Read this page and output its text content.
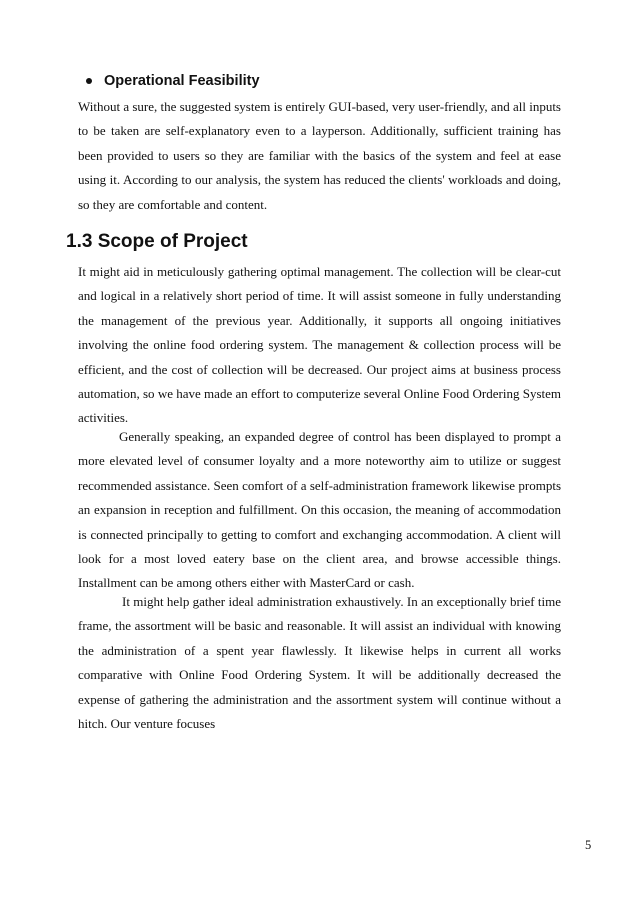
Operational Feasibility

Without a sure, the suggested system is entirely GUI-based, very user-friendly, and all inputs to be taken are self-explanatory even to a layperson. Additionally, sufficient training has been provided to users so they are familiar with the basics of the system and feel at ease using it. According to our analysis, the system has reduced the clients' workloads and doing, so they are comfortable and content.

1.3 Scope of Project

It might aid in meticulously gathering optimal management. The collection will be clear-cut and logical in a relatively short period of time. It will assist someone in fully understanding the management of the previous year. Additionally, it supports all ongoing initiatives involving the online food ordering system. The management & collection process will be efficient, and the cost of collection will be decreased. Our project aims at business process automation, so we have made an effort to computerize several Online Food Ordering System activities.

Generally speaking, an expanded degree of control has been displayed to prompt a more elevated level of consumer loyalty and a more noteworthy aim to utilize or suggest recommended assistance. Seen comfort of a self-administration framework likewise prompts an expansion in reception and fulfillment. On this occasion, the meaning of accommodation is connected principally to getting to comfort and exchanging accommodation. A client will look for a most loved eatery base on the client area, and browse accessible things. Installment can be among others either with MasterCard or cash.

It might help gather ideal administration exhaustively. In an exceptionally brief time frame, the assortment will be basic and reasonable. It will assist an individual with knowing the administration of a spent year flawlessly. It likewise helps in current all works comparative with Online Food Ordering System. It will be additionally decreased the expense of gathering the administration and the assortment system will continue without a hitch. Our venture focuses

5
